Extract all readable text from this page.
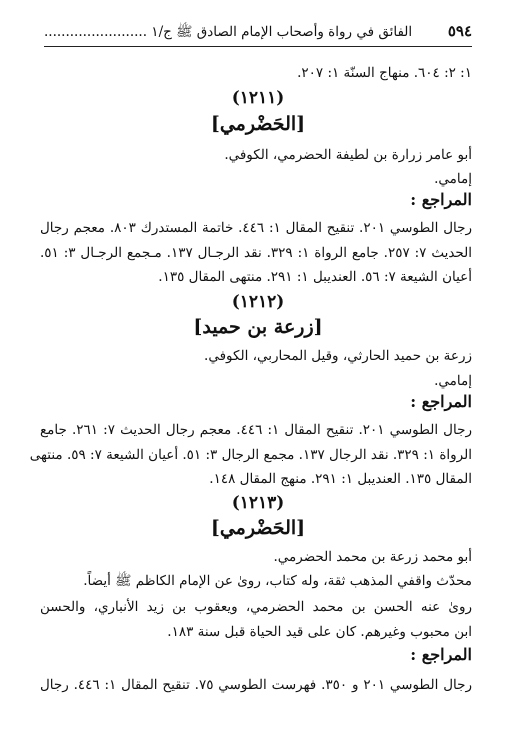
٥٩٤
الفائق في رواة وأصحاب الإمام الصادق ﷺ ج/١ ........................
١: ٢: ٦٠٤. منهاج السنّة ١: ٢٠٧.
(١٢١١)
[الحَضْرمي]
أبو عامر زرارة بن لطيفة الحضرمي، الكوفي.
إمامي.
المراجع :
رجال الطوسي ٢٠١. تنقيح المقال ١: ٤٤٦. خاتمة المستدرك ٨٠٣. معجم رجال
الحديث ٧: ٢٥٧. جامع الرواة ١: ٣٢٩. نقد الرجـال ١٣٧. مـجمع الرجـال ٣: ٥١.
أعيان الشيعة ٧: ٥٦. العنديبل ١: ٢٩١. منتهى المقال ١٣٥.
(١٢١٢)
[زرعة بن حميد]
زرعة بن حميد الحارثي، وقيل المحاربي، الكوفي.
إمامي.
المراجع :
رجال الطوسي ٢٠١. تنقيح المقال ١: ٤٤٦. معجم رجال الحديث ٧: ٢٦١. جامع
الرواة ١: ٣٢٩. نقد الرجال ١٣٧. مجمع الرجال ٣: ٥١. أعيان الشيعة ٧: ٥٩. منتهى
المقال ١٣٥. العنديبل ١: ٢٩١. منهج المقال ١٤٨.
(١٢١٣)
[الحَضْرمي]
أبو محمد زرعة بن محمد الحضرمي.
محدّث واقفي المذهب ثقة، وله كتاب، روىٰ عن الإمام الكاظم ﷺ أيضاً.
روىٰ عنه الحسن بن محمد الحضرمي، ويعقوب بن زيد الأنباري، والحسن
ابن محبوب وغيرهم. كان على قيد الحياة قبل سنة ١٨٣.
المراجع :
رجال الطوسي ٢٠١ و ٣٥٠. فهرست الطوسي ٧٥. تنقيح المقال ١: ٤٤٦. رجال
